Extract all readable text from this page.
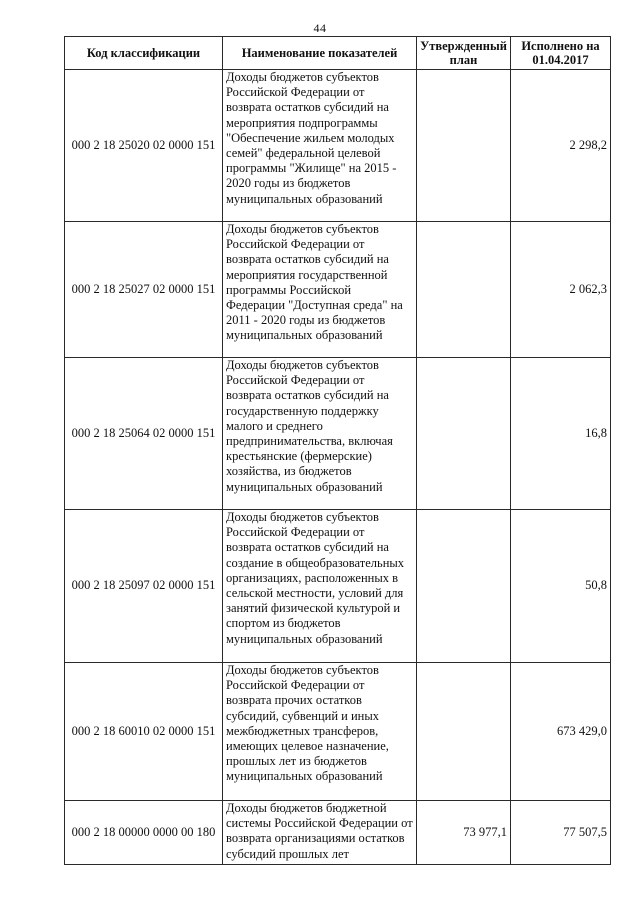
44
Код классификации	Наименование показателей	Утвержденный план	Исполнено на 01.04.2017
000 2 18 25020 02 0000 151	Доходы бюджетов субъектов Российской Федерации от возврата остатков субсидий на мероприятия подпрограммы "Обеспечение жильем молодых семей" федеральной целевой программы "Жилище" на 2015 - 2020 годы из бюджетов муниципальных образований		2 298,2
000 2 18 25027 02 0000 151	Доходы бюджетов субъектов Российской Федерации от возврата остатков субсидий на мероприятия государственной программы Российской Федерации "Доступная среда" на 2011 - 2020 годы из бюджетов муниципальных образований		2 062,3
000 2 18 25064 02 0000 151	Доходы бюджетов субъектов Российской Федерации от возврата остатков субсидий на государственную поддержку малого и среднего предпринимательства, включая крестьянские (фермерские) хозяйства, из бюджетов муниципальных образований		16,8
000 2 18 25097 02 0000 151	Доходы бюджетов субъектов Российской Федерации от возврата остатков субсидий на создание в общеобразовательных организациях, расположенных в сельской местности, условий для занятий физической культурой и спортом из бюджетов муниципальных образований		50,8
000 2 18 60010 02 0000 151	Доходы бюджетов субъектов Российской Федерации от возврата прочих остатков субсидий, субвенций и иных межбюджетных трансферов, имеющих целевое назначение, прошлых лет из бюджетов муниципальных образований		673 429,0
000 2 18 00000 0000 00 180	Доходы бюджетов бюджетной системы Российской Федерации от возврата организациями остатков субсидий прошлых лет	73 977,1	77 507,5
